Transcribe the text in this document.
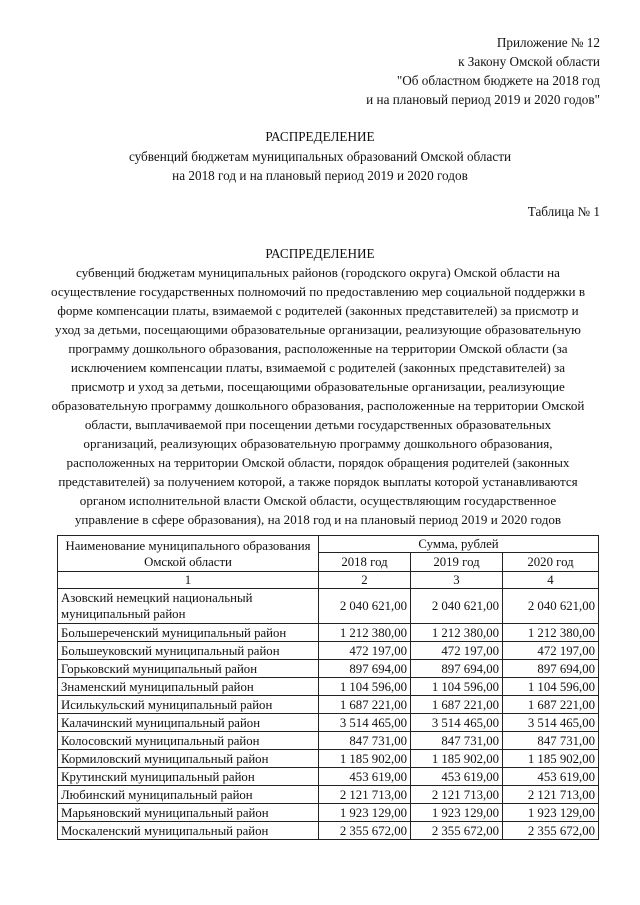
Приложение № 12
к Закону Омской области
"Об областном бюджете на 2018 год
и на плановый период 2019 и 2020 годов"
РАСПРЕДЕЛЕНИЕ
субвенций бюджетам муниципальных образований Омской области
на 2018 год и на плановый период 2019 и 2020 годов
Таблица № 1
РАСПРЕДЕЛЕНИЕ
субвенций бюджетам муниципальных районов (городского округа) Омской области на осуществление государственных полномочий по предоставлению мер социальной поддержки в форме компенсации платы, взимаемой с родителей (законных представителей) за присмотр и уход за детьми, посещающими образовательные организации, реализующие образовательную программу дошкольного образования, расположенные на территории Омской области (за исключением компенсации платы, взимаемой с родителей (законных представителей) за присмотр и уход за детьми, посещающими образовательные организации, реализующие образовательную программу дошкольного образования, расположенные на территории Омской области, выплачиваемой при посещении детьми государственных образовательных организаций, реализующих образовательную программу дошкольного образования, расположенных на территории Омской области, порядок обращения родителей (законных представителей) за получением которой, а также порядок выплаты которой устанавливаются органом исполнительной власти Омской области, осуществляющим государственное управление в сфере образования), на 2018 год и на плановый период 2019 и 2020 годов
Наименование муниципального образования Омской области	Сумма, рублей		
	2018 год	2019 год	2020 год
1	2	3	4
Азовский немецкий национальный муниципальный район	2 040 621,00	2 040 621,00	2 040 621,00
Большереченский муниципальный район	1 212 380,00	1 212 380,00	1 212 380,00
Большеуковский муниципальный район	472 197,00	472 197,00	472 197,00
Горьковский муниципальный район	897 694,00	897 694,00	897 694,00
Знаменский муниципальный район	1 104 596,00	1 104 596,00	1 104 596,00
Исилькульский муниципальный район	1 687 221,00	1 687 221,00	1 687 221,00
Калачинский муниципальный район	3 514 465,00	3 514 465,00	3 514 465,00
Колосовский муниципальный район	847 731,00	847 731,00	847 731,00
Кормиловский муниципальный район	1 185 902,00	1 185 902,00	1 185 902,00
Крутинский муниципальный район	453 619,00	453 619,00	453 619,00
Любинский муниципальный район	2 121 713,00	2 121 713,00	2 121 713,00
Марьяновский муниципальный район	1 923 129,00	1 923 129,00	1 923 129,00
Москаленский муниципальный район	2 355 672,00	2 355 672,00	2 355 672,00
